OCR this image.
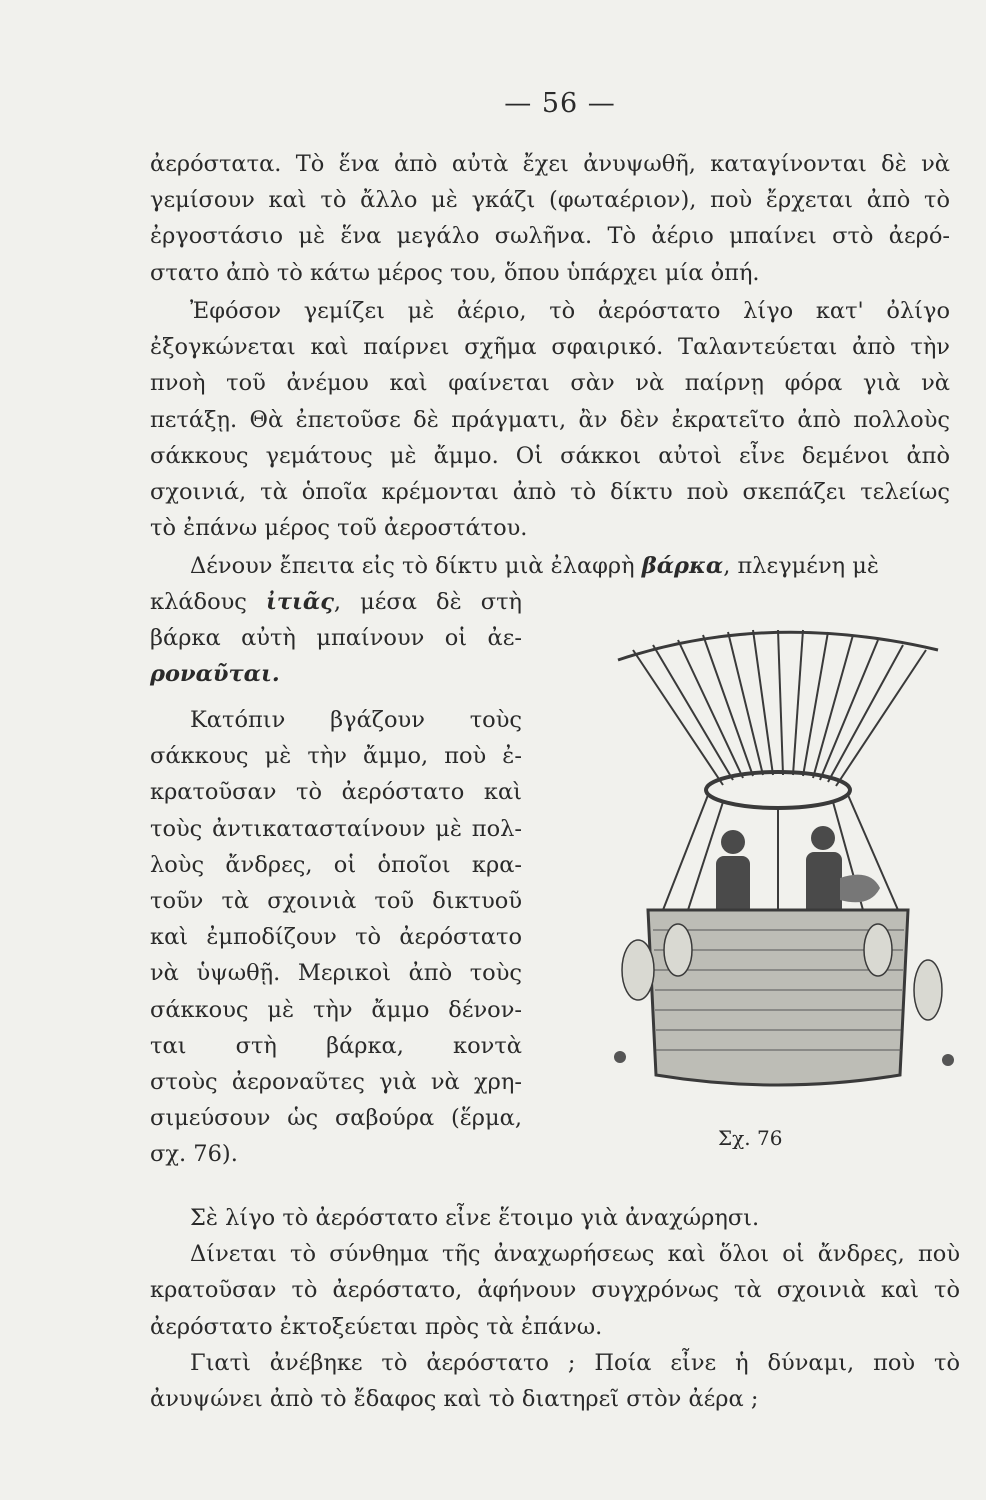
— 56 —
ἀερόστατα. Τὸ ἕνα ἀπὸ αὐτὰ ἔχει ἀνυψωθῆ, καταγίνονται δὲ νὰ
γεμίσουν καὶ τὸ ἄλλο μὲ γκάζι (φωταέριον), ποὺ ἔρχεται ἀπὸ τὸ
ἐργοστάσιο μὲ ἕνα μεγάλο σωλῆνα. Τὸ ἀέριο μπαίνει στὸ ἀερό-
στατο ἀπὸ τὸ κάτω μέρος του, ὅπου ὑπάρχει μία ὀπή.
Ἐφόσον γεμίζει μὲ ἀέριο, τὸ ἀερόστατο λίγο κατ' ὀλίγο
ἐξογκώνεται καὶ παίρνει σχῆμα σφαιρικό. Ταλαντεύεται ἀπὸ τὴν
πνοὴ τοῦ ἀνέμου καὶ φαίνεται σὰν νὰ παίρνῃ φόρα γιὰ νὰ
πετάξῃ. Θὰ ἐπετοῦσε δὲ πράγματι, ἂν δὲν ἐκρατεῖτο ἀπὸ πολλοὺς
σάκκους γεμάτους μὲ ἄμμο. Οἱ σάκκοι αὐτοὶ εἶνε δεμένοι ἀπὸ
σχοινιά, τὰ ὁποῖα κρέμονται ἀπὸ τὸ δίκτυ ποὺ σκεπάζει τελείως
τὸ ἐπάνω μέρος τοῦ ἀεροστάτου.
Δένουν ἔπειτα εἰς τὸ δίκτυ μιὰ ἐλαφρὴ βάρκα, πλεγμένη μὲ
κλάδους ἰτιᾶς, μέσα δὲ στὴ
βάρκα αὐτὴ μπαίνουν οἱ ἀε-
ροναῦται.
Κατόπιν βγάζουν τοὺς
σάκκους μὲ τὴν ἄμμο, ποὺ ἐ-
κρατοῦσαν τὸ ἀερόστατο καὶ
τοὺς ἀντικατασταίνουν μὲ πολ-
λοὺς ἄνδρες, οἱ ὁποῖοι κρα-
τοῦν τὰ σχοινιὰ τοῦ δικτυοῦ
καὶ ἐμποδίζουν τὸ ἀερόστατο
νὰ ὑψωθῇ. Μερικοὶ ἀπὸ τοὺς
σάκκους μὲ τὴν ἄμμο δένον-
ται στὴ βάρκα, κοντὰ
στοὺς ἀεροναῦτες γιὰ νὰ χρη-
σιμεύσουν ὡς σαβούρα (ἕρμα,
σχ. 76).
Σχ. 76
Σὲ λίγο τὸ ἀερόστατο εἶνε ἕτοιμο γιὰ ἀναχώρησι.
Δίνεται τὸ σύνθημα τῆς ἀναχωρήσεως καὶ ὅλοι οἱ ἄνδρες, ποὺ
κρατοῦσαν τὸ ἀερόστατο, ἀφήνουν συγχρόνως τὰ σχοινιὰ καὶ τὸ
ἀερόστατο ἐκτοξεύεται πρὸς τὰ ἐπάνω.
Γιατὶ ἀνέβηκε τὸ ἀερόστατο ; Ποία εἶνε ἡ δύναμι, ποὺ τὸ
ἀνυψώνει ἀπὸ τὸ ἔδαφος καὶ τὸ διατηρεῖ στὸν ἀέρα ;
